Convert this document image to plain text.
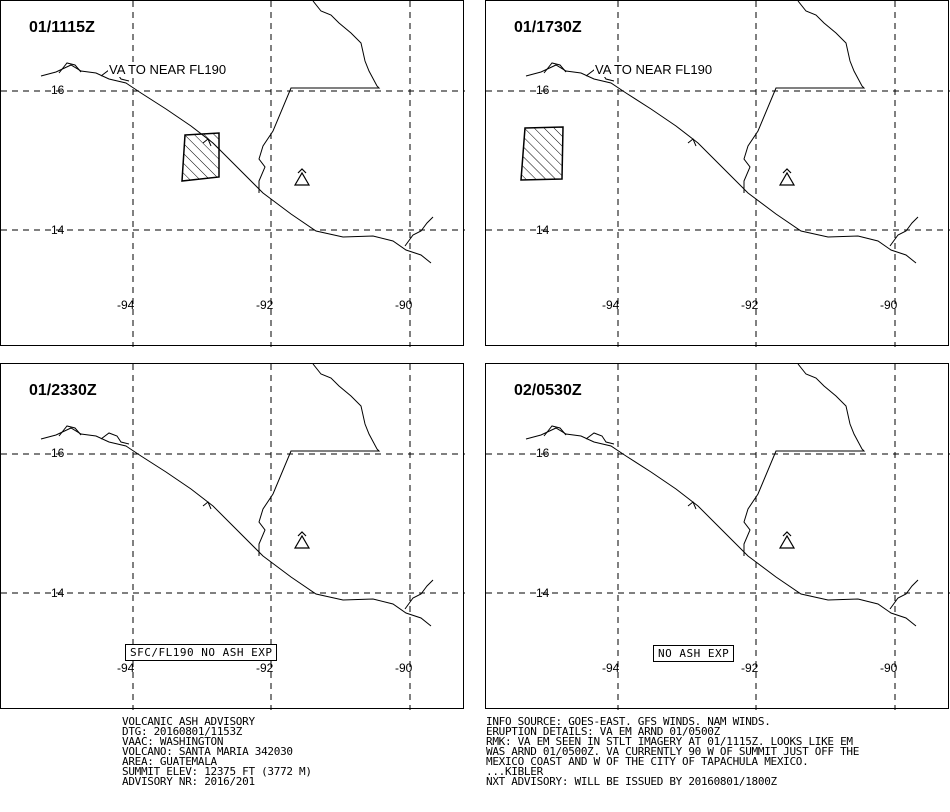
01/1115Z
VA TO NEAR FL190
16
14
-94	-92	-90
01/1730Z
VA TO NEAR FL190
16
14
-94	-92	-90
01/2330Z
16
14
-94	-92	-90
SFC/FL190 NO ASH EXP
02/0530Z
16
14
-94	-92	-90
NO ASH EXP
VOLCANIC ASH ADVISORY
DTG: 20160801/1153Z
VAAC: WASHINGTON
VOLCANO: SANTA MARIA 342030
AREA: GUATEMALA
SUMMIT ELEV: 12375 FT (3772 M)
ADVISORY NR: 2016/201
INFO SOURCE: GOES-EAST. GFS WINDS. NAM WINDS.
ERUPTION DETAILS: VA EM ARND 01/0500Z
RMK: VA EM SEEN IN STLT IMAGERY AT 01/1115Z. LOOKS LIKE EM
WAS ARND 01/0500Z. VA CURRENTLY 90 W OF SUMMIT JUST OFF THE
MEXICO COAST AND W OF THE CITY OF TAPACHULA MEXICO.
...KIBLER
NXT ADVISORY: WILL BE ISSUED BY 20160801/1800Z
